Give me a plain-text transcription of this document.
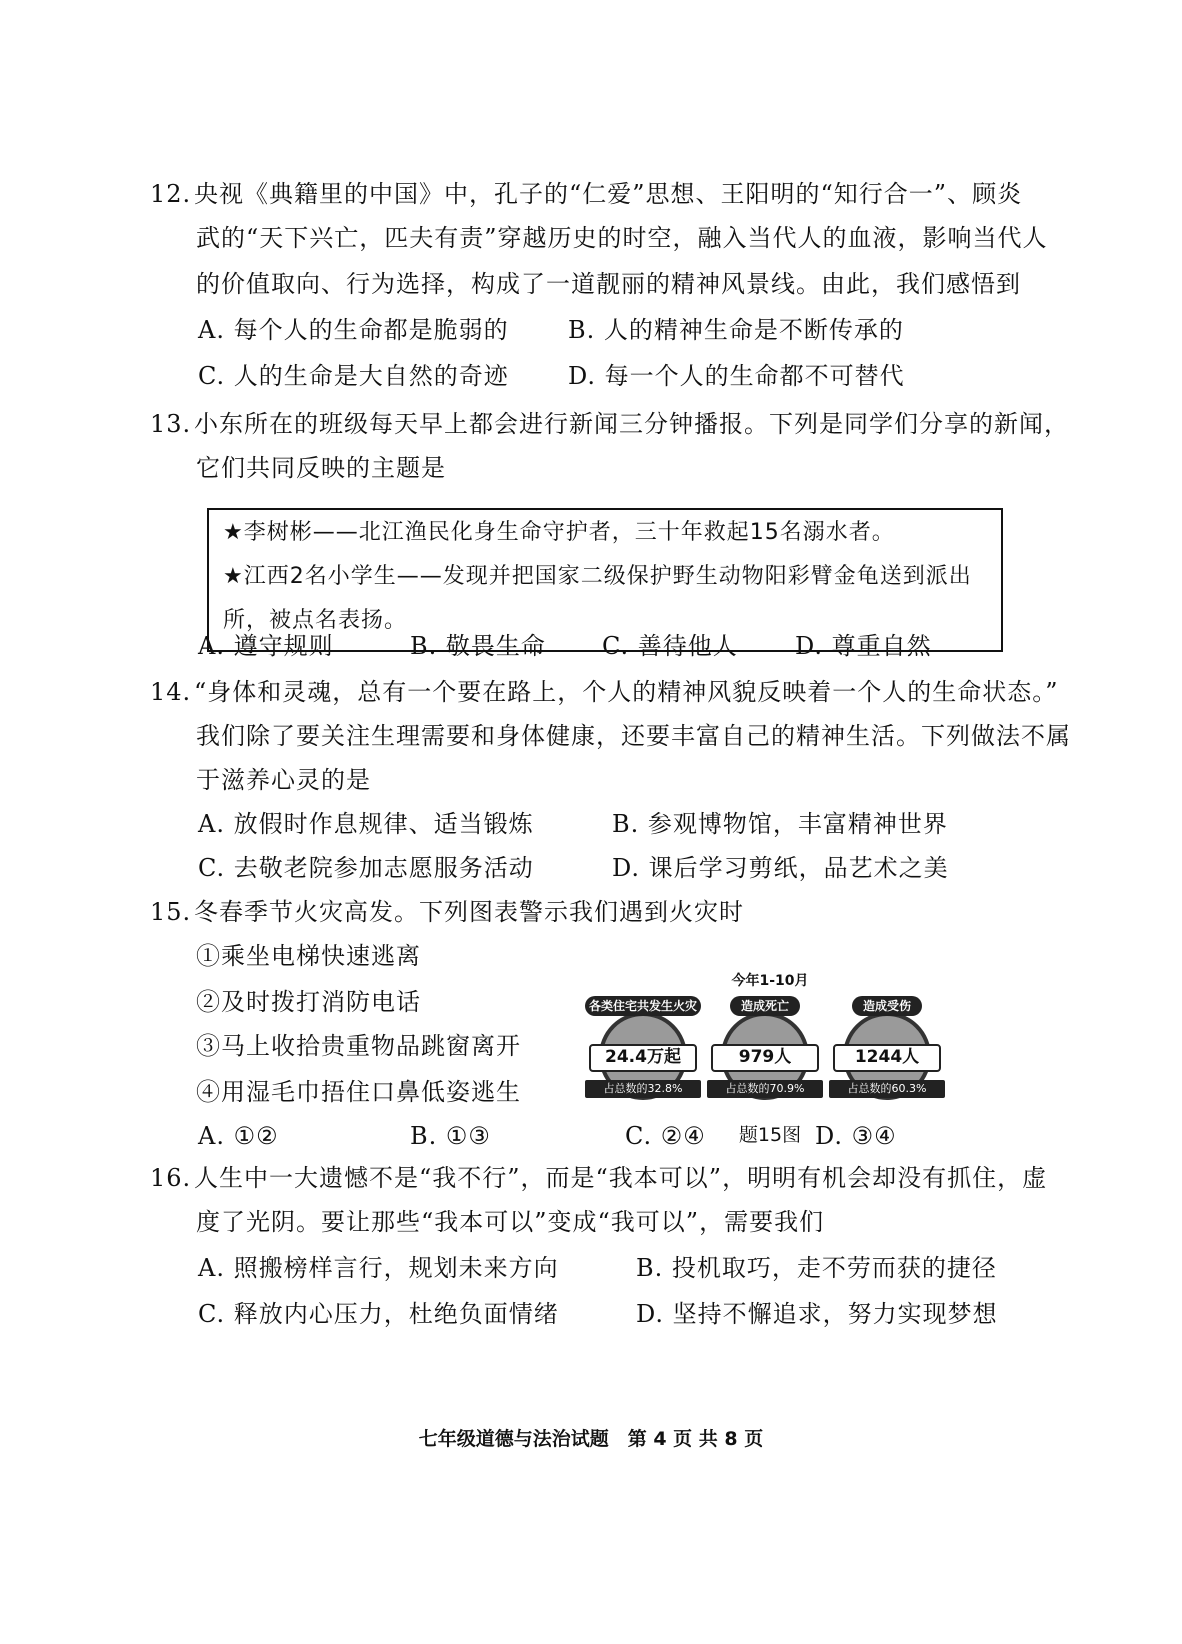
12. 央视《典籍里的中国》中，孔子的“仁爱”思想、王阳明的“知行合一”、顾炎
武的“天下兴亡，匹夫有责”穿越历史的时空，融入当代人的血液，影响当代人
的价值取向、行为选择，构成了一道靓丽的精神风景线。由此，我们感悟到
A. 每个人的生命都是脆弱的 B. 人的精神生命是不断传承的
C. 人的生命是大自然的奇迹 D. 每一个人的生命都不可替代
13. 小东所在的班级每天早上都会进行新闻三分钟播报。下列是同学们分享的新闻，
它们共同反映的主题是
★李树彬——北江渔民化身生命守护者，三十年救起15名溺水者。
★江西2名小学生——发现并把国家二级保护野生动物阳彩臂金龟送到派出
所，被点名表扬。
A. 遵守规则	B. 敬畏生命 C. 善待他人 D. 尊重自然
14. “身体和灵魂，总有一个要在路上，个人的精神风貌反映着一个人的生命状态。”
我们除了要关注生理需要和身体健康，还要丰富自己的精神生活。下列做法不属
于滋养心灵的是
A. 放假时作息规律、适当锻炼	B. 参观博物馆，丰富精神世界
C. 去敬老院参加志愿服务活动	D. 课后学习剪纸，品艺术之美
15. 冬春季节火灾高发。下列图表警示我们遇到火灾时
①乘坐电梯快速逃离
②及时拨打消防电话
③马上收拾贵重物品跳窗离开
④用湿毛巾捂住口鼻低姿逃生
今年1-10月
各类住宅共发生火灾
24.4万起
占总数的32.8%
造成死亡
979人
占总数的70.9%
造成受伤
1244人
占总数的60.3%
题15图
A. ①②	B. ①③	C. ②④	D. ③④
16. 人生中一大遗憾不是“我不行”，而是“我本可以”，明明有机会却没有抓住，虚
度了光阴。要让那些“我本可以”变成“我可以”，需要我们
A. 照搬榜样言行，规划未来方向	B. 投机取巧，走不劳而获的捷径
C. 释放内心压力，杜绝负面情绪	D. 坚持不懈追求，努力实现梦想
七年级道德与法治试题　第 4 页 共 8 页
